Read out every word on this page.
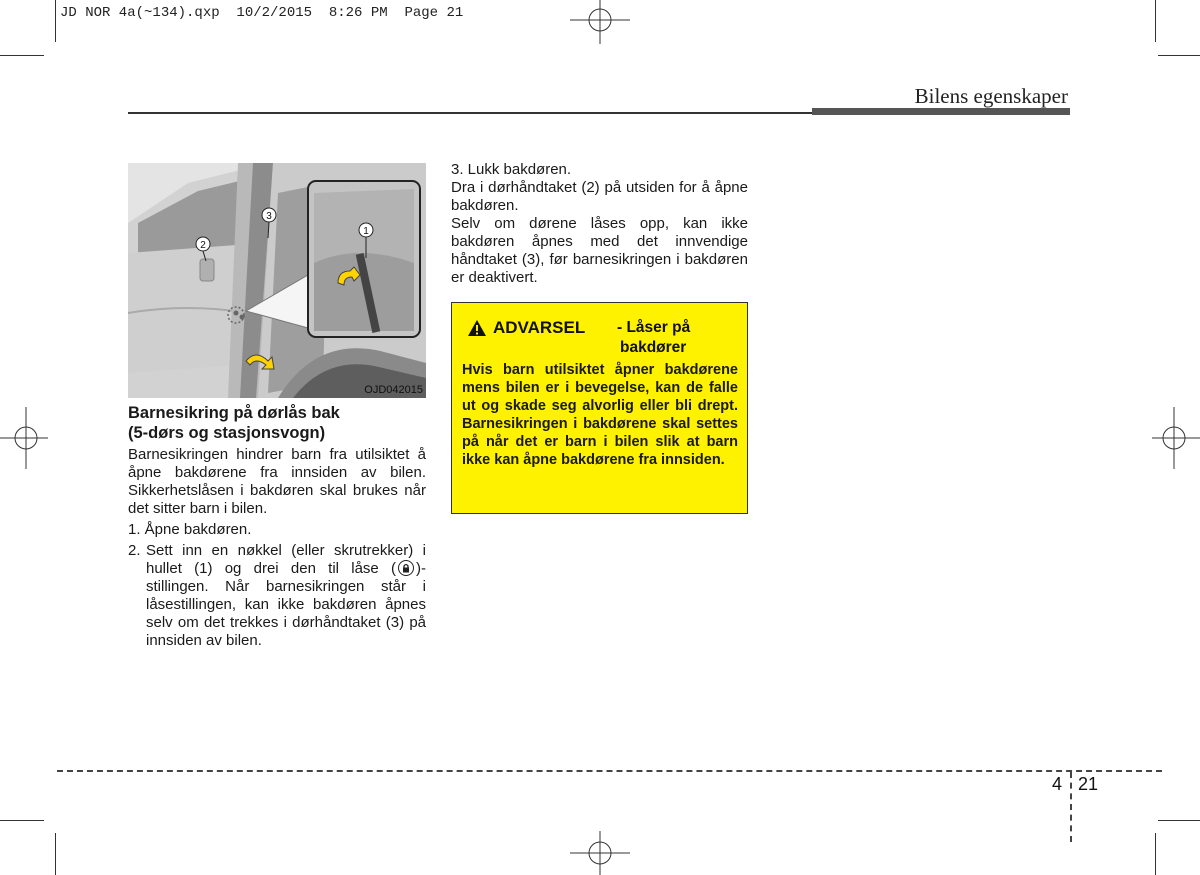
JD NOR 4a(~134).qxp  10/2/2015  8:26 PM  Page 21
Bilens egenskaper
1
3
2
OJD042015
Barnesikring på dørlås bak
(5-dørs og stasjonsvogn)

Barnesikringen hindrer barn fra utilsiktet å åpne bakdørene fra innsiden av bilen. Sikkerhetslåsen i bakdøren skal brukes når det sitter barn i bilen.

1. Åpne bakdøren.

2. Sett inn en nøkkel (eller skrutrekker) i hullet (1) og drei den til låse ( )-stillingen. Når barnesikringen står i låsestillingen, kan ikke bakdøren åpnes selv om det trekkes i dørhåndtaket (3) på innsiden av bilen.

3. Lukk bakdøren.

Dra i dørhåndtaket (2) på utsiden for å åpne bakdøren.

Selv om dørene låses opp, kan ikke bakdøren åpnes med det innvendige håndtaket (3), før barnesikringen i bakdøren er deaktivert.

ADVARSEL - Låser på
bakdører

Hvis barn utilsiktet åpner bakdørene mens bilen er i bevegelse, kan de falle ut og skade seg alvorlig eller bli drept. Barnesikringen i bakdørene skal settes på når det er barn i bilen slik at barn ikke kan åpne bakdørene fra innsiden.

4 21
